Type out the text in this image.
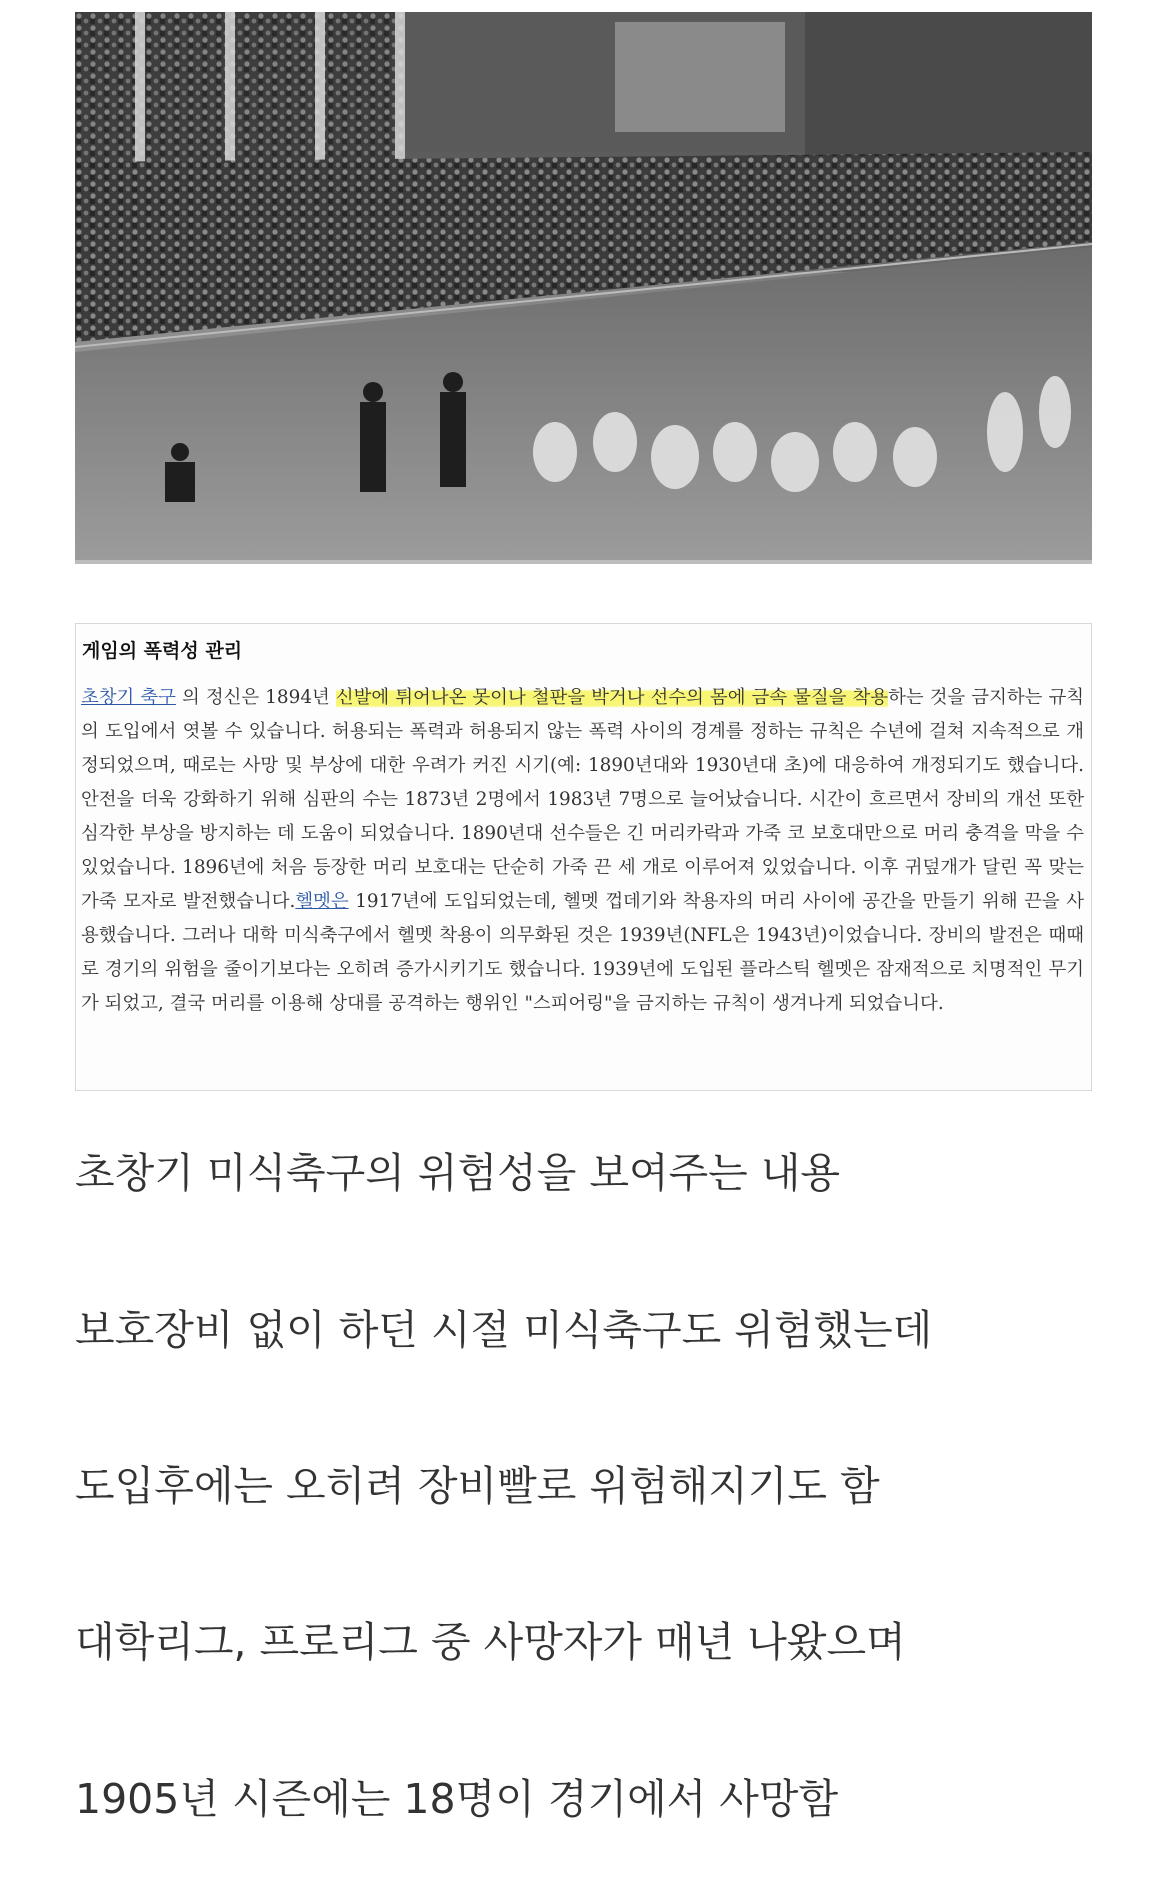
게임의 폭력성 관리
초창기 축구 의 정신은 1894년 신발에 튀어나온 못이나 철판을 박거나 선수의 몸에 금속 물질을 착용하는 것을 금지하는 규칙의 도입에서 엿볼 수 있습니다. 허용되는 폭력과 허용되지 않는 폭력 사이의 경계를 정하는 규칙은 수년에 걸쳐 지속적으로 개정되었으며, 때로는 사망 및 부상에 대한 우려가 커진 시기(예: 1890년대와 1930년대 초)에 대응하여 개정되기도 했습니다. 안전을 더욱 강화하기 위해 심판의 수는 1873년 2명에서 1983년 7명으로 늘어났습니다. 시간이 흐르면서 장비의 개선 또한 심각한 부상을 방지하는 데 도움이 되었습니다. 1890년대 선수들은 긴 머리카락과 가죽 코 보호대만으로 머리 충격을 막을 수 있었습니다. 1896년에 처음 등장한 머리 보호대는 단순히 가죽 끈 세 개로 이루어져 있었습니다. 이후 귀덮개가 달린 꼭 맞는 가죽 모자로 발전했습니다.헬멧은 1917년에 도입되었는데, 헬멧 껍데기와 착용자의 머리 사이에 공간을 만들기 위해 끈을 사용했습니다. 그러나 대학 미식축구에서 헬멧 착용이 의무화된 것은 1939년(NFL은 1943년)이었습니다. 장비의 발전은 때때로 경기의 위험을 줄이기보다는 오히려 증가시키기도 했습니다. 1939년에 도입된 플라스틱 헬멧은 잠재적으로 치명적인 무기가 되었고, 결국 머리를 이용해 상대를 공격하는 행위인 "스피어링"을 금지하는 규칙이 생겨나게 되었습니다.
초창기 미식축구의 위험성을 보여주는 내용
보호장비 없이 하던 시절 미식축구도 위험했는데
도입후에는 오히려 장비빨로 위험해지기도 함
대학리그, 프로리그 중 사망자가 매년 나왔으며
1905년 시즌에는 18명이 경기에서 사망함
